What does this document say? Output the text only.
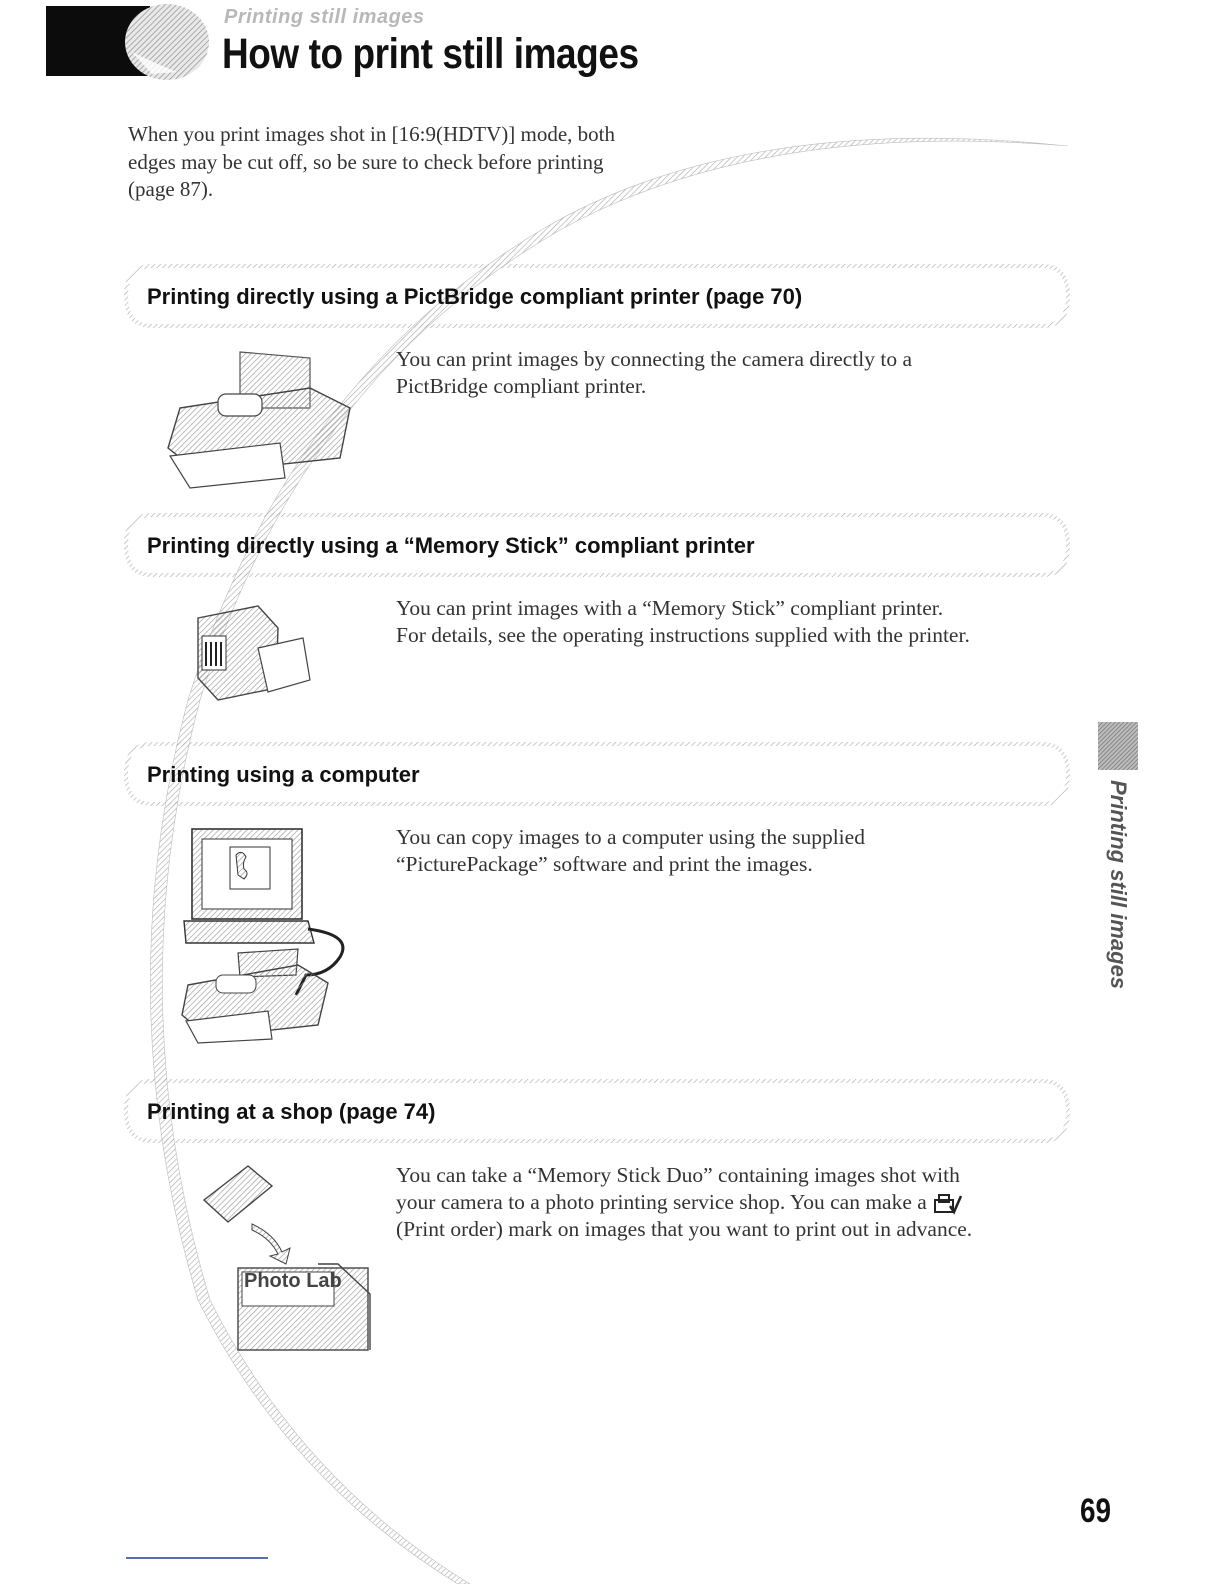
Printing still images
How to print still images
When you print images shot in [16:9(HDTV)] mode, both edges may be cut off, so be sure to check before printing (page 87).
Printing directly using a PictBridge compliant printer (page 70)
You can print images by connecting the camera directly to a
PictBridge compliant printer.
Printing directly using a “Memory Stick” compliant printer
You can print images with a “Memory Stick” compliant printer.
For details, see the operating instructions supplied with the printer.
Printing using a computer
You can copy images to a computer using the supplied
“PicturePackage” software and print the images.
Printing at a shop (page 74)
Photo Lab
You can take a “Memory Stick Duo” containing images shot with
your camera to a photo printing service shop. You can make a
(Print order) mark on images that you want to print out in advance.
Printing still images
69
